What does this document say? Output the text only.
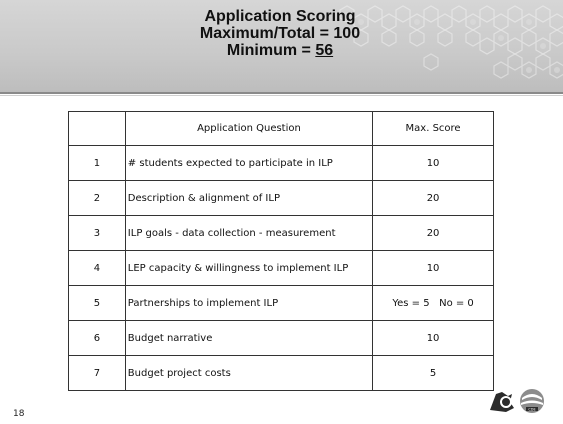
Application Scoring
Maximum/Total = 100
Minimum = 56
	Application Question	Max. Score
1	# students expected to participate in ILP	10
2	Description & alignment of ILP	20
3	ILP goals - data collection - measurement	20
4	LEP capacity & willingness to implement ILP	10
5	Partnerships to implement ILP	Yes = 5   No = 0
6	Budget narrative	10
7	Budget project costs	5
18	CDE
